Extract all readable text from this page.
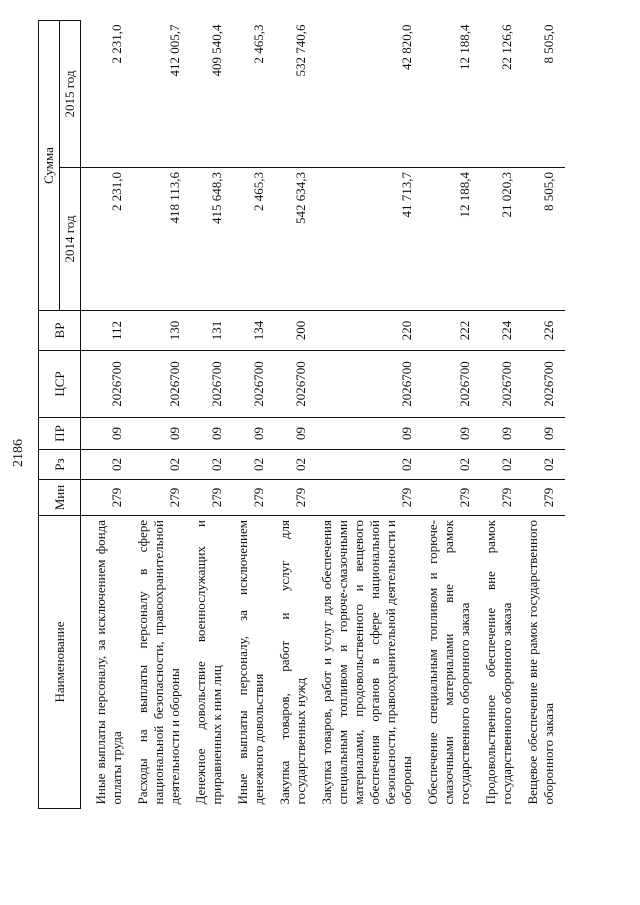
2186
Наименование	Мин	Рз	ПР	ЦСР	ВР	Сумма	
						2014 год	2015 год

Иные выплаты персоналу, за исключением фонда оплаты труда	279	02	09	2026700	112	2 231,0	2 231,0

Расходы на выплаты персоналу в сфере национальной безопасности, правоохранительной деятельности и обороны	279	02	09	2026700	130	418 113,6	412 005,7

Денежное довольствие военнослужащих и приравненных к ним лиц	279	02	09	2026700	131	415 648,3	409 540,4

Иные выплаты персоналу, за исключением денежного довольствия	279	02	09	2026700	134	2 465,3	2 465,3

Закупка товаров, работ и услуг для государственных нужд	279	02	09	2026700	200	542 634,3	532 740,6

Закупка товаров, работ и услуг для обеспечения специальным топливом и горюче-смазочными материалами, продовольственного и вещевого обеспечения органов в сфере национальной безопасности, правоохранительной деятельности и обороны	279	02	09	2026700	220	41 713,7	42 820,0

Обеспечение специальным топливом и горюче-смазочными материалами вне рамок государственного оборонного заказа	279	02	09	2026700	222	12 188,4	12 188,4

Продовольственное обеспечение вне рамок государственного оборонного заказа	279	02	09	2026700	224	21 020,3	22 126,6

Вещевое обеспечение вне рамок государственного оборонного заказа	279	02	09	2026700	226	8 505,0	8 505,0
